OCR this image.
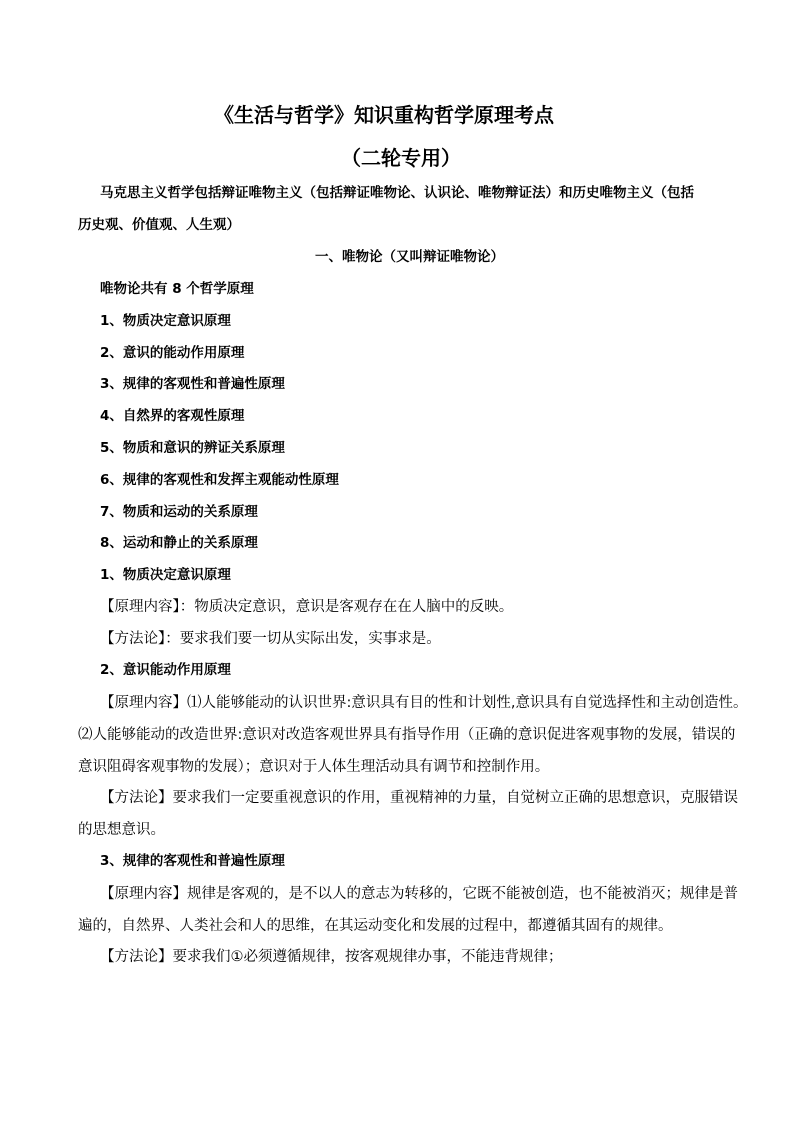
《生活与哲学》知识重构哲学原理考点
（二轮专用）
马克思主义哲学包括辩证唯物主义（包括辩证唯物论、认识论、唯物辩证法）和历史唯物主义（包括
历史观、价值观、人生观）
一、唯物论（又叫辩证唯物论）
唯物论共有 8 个哲学原理
1、物质决定意识原理
2、意识的能动作用原理
3、规律的客观性和普遍性原理
4、自然界的客观性原理
5、物质和意识的辨证关系原理
6、规律的客观性和发挥主观能动性原理
7、物质和运动的关系原理
8、运动和静止的关系原理
1、物质决定意识原理
【原理内容】：物质决定意识，意识是客观存在在人脑中的反映。
【方法论】：要求我们要一切从实际出发，实事求是。
2、意识能动作用原理
【原理内容】⑴人能够能动的认识世界:意识具有目的性和计划性,意识具有自觉选择性和主动创造性。
⑵人能够能动的改造世界:意识对改造客观世界具有指导作用（正确的意识促进客观事物的发展，错误的
意识阻碍客观事物的发展）；意识对于人体生理活动具有调节和控制作用。
【方法论】要求我们一定要重视意识的作用，重视精神的力量，自觉树立正确的思想意识，克服错误
的思想意识。
3、规律的客观性和普遍性原理
【原理内容】规律是客观的，是不以人的意志为转移的，它既不能被创造，也不能被消灭；规律是普
遍的，自然界、人类社会和人的思维，在其运动变化和发展的过程中，都遵循其固有的规律。
【方法论】要求我们①必须遵循规律，按客观规律办事，不能违背规律；
